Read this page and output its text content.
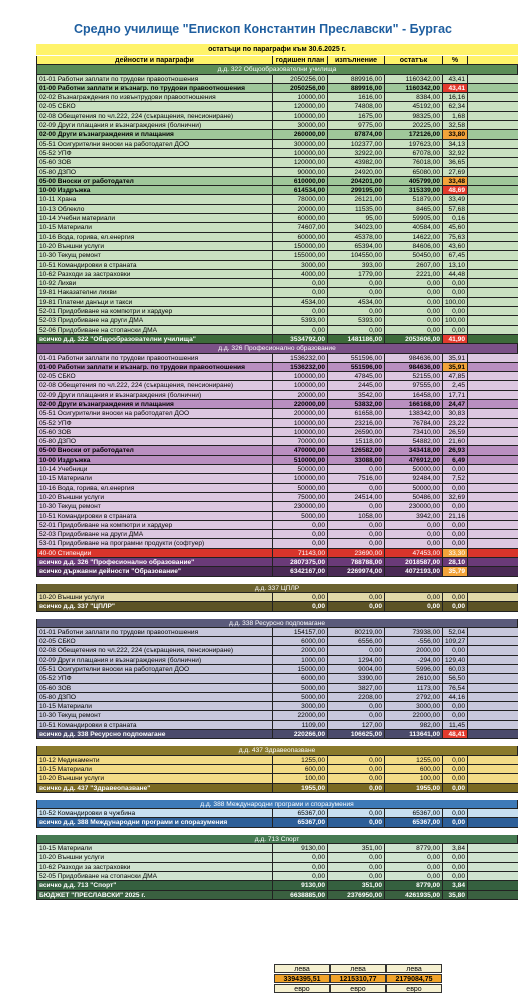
Средно училище "Епископ Константин Преславски" - Бургас
остатъци по параграфи към 30.6.2025 г.
дейности и параграфи	годишен план	изпълнение	остатък	%
д.д. 322 Общообразователни училища
01-01 Работни заплати по трудови правоотношения	2050256,00	889916,00	1160342,00	43,41
01-00 Работни заплати и възнагр. по трудови правоотношения	2050256,00	889916,00	1160342,00	43,41
02-02 Възнаграждения по извънтрудови правоотношения	10000,00	1616,00	8384,00	16,16
02-05 СБКО	120000,00	74808,00	45192,00	62,34
02-08 Обещетения по чл.222, 224 (съкращения, пенсиониране)	100000,00	1675,00	98325,00	1,68
02-09 Други плащания и възнаграждения (болнични)	30000,00	9775,00	20225,00	32,58
02-00 Други възнаграждения и плащания	260000,00	87874,00	172126,00	33,80
05-51 Осигурителни вноски на работодател ДОО	300000,00	102377,00	197623,00	34,13
05-52 УПФ	100000,00	32922,00	67078,00	32,92
05-60 ЗОВ	120000,00	43982,00	76018,00	36,65
05-80 ДЗПО	90000,00	24920,00	65080,00	27,69
05-00 Вноски от работодател	610000,00	204201,00	405799,00	33,48
10-00 Издръжка	614534,00	299195,00	315339,00	48,69
10-11 Храна	78000,00	26121,00	51879,00	33,49
10-13 Облекло	20000,00	11535,00	8465,00	57,68
10-14 Учебни материали	60000,00	95,00	59905,00	0,16
10-15 Материали	74607,00	34023,00	40584,00	45,60
10-16 Вода, горива, ел.енергия	60000,00	45378,00	14622,00	75,63
10-20 Външни услуги	150000,00	65394,00	84606,00	43,60
10-30 Текущ ремонт	155000,00	104550,00	50450,00	67,45
10-51 Командировки в страната	3000,00	393,00	2607,00	13,10
10-62 Разходи за застраховки	4000,00	1779,00	2221,00	44,48
10-92 Лихви	0,00	0,00	0,00	0,00
19-81 Наказателни лихви	0,00	0,00	0,00	0,00
19-81 Платени данъци и такси	4534,00	4534,00	0,00 100,00
52-01 Придобиване на компютри и хардуер	0,00	0,00	0,00	0,00
52-03 Придобиване на други ДМА	5393,00	5393,00	0,00 100,00
52-06 Придобиване на стопански ДМА	0,00	0,00	0,00	0,00
всичко д.д. 322 "Общообразователни училища"	3534792,00	1481186,00	2053606,00	41,90
д.д. 326 Професионално образование
01-01 Работни заплати по трудови правоотношения	1536232,00	551596,00	984636,00	35,91
01-00 Работни заплати и възнагр. по трудови правоотношения	1536232,00	551596,00	984636,00	35,91
02-05 СБКО	100000,00	47845,00	52155,00	47,85
02-08 Обещетения по чл.222, 224 (съкращения, пенсиониране)	100000,00	2445,00	97555,00	2,45
02-09 Други плащания и възнаграждения (болнични)	20000,00	3542,00	16458,00	17,71
02-00 Други възнаграждения и плащания	220000,00	53832,00	166168,00	24,47
05-51 Осигурителни вноски на работодател ДОО	200000,00	61658,00	138342,00	30,83
05-52 УПФ	100000,00	23216,00	76784,00	23,22
05-60 ЗОВ	100000,00	26590,00	73410,00	26,59
05-80 ДЗПО	70000,00	15118,00	54882,00	21,60
05-00 Вноски от работодател	470000,00	126582,00	343418,00	26,93
10-00 Издръжка	510000,00	33088,00	476912,00	6,49
10-14 Учебници	50000,00	0,00	50000,00	0,00
10-15 Материали	100000,00	7516,00	92484,00	7,52
10-16 Вода, горива, ел.енергия	50000,00	0,00	50000,00	0,00
10-20 Външни услуги	75000,00	24514,00	50486,00	32,69
10-30 Текущ ремонт	230000,00	0,00	230000,00	0,00
10-51 Командировки в страната	5000,00	1058,00	3942,00	21,16
52-01 Придобиване на компютри и хардуер	0,00	0,00	0,00	0,00
52-03 Придобиване на други ДМА	0,00	0,00	0,00	0,00
53-01 Придобиване на програмни продукти (софтуер)	0,00	0,00	0,00	0,00
40-00 Стипендии	71143,00	23690,00	47453,00	33,30
всичко д.д. 326 "Професионално образование"	2807375,00	788788,00	2018587,00	28,10
всичко държавни дейности "Образование"	6342167,00	2269974,00	4072193,00	35,79
д.д. 337 ЦПЛР
10-20 Външни услуги	0,00	0,00	0,00	0,00
всичко д.д. 337 "ЦПЛР"	0,00	0,00	0,00	0,00
д.д. 338 Ресурсно подпомагане
01-01 Работни заплати по трудови правоотношения	154157,00	80219,00	73938,00	52,04
02-05 СБКО	6000,00	6556,00	-556,00 109,27
02-08 Обещетения по чл.222, 224 (съкращения, пенсиониране)	2000,00	0,00	2000,00	0,00
02-09 Други плащания и възнаграждения (болнични)	1000,00	1294,00	-294,00 129,40
05-51 Осигурителни вноски на работодател ДОО	15000,00	9004,00	5996,00	60,03
05-52 УПФ	6000,00	3390,00	2610,00	56,50
05-60 ЗОВ	5000,00	3827,00	1173,00	76,54
05-80 ДЗПО	5000,00	2208,00	2792,00	44,16
10-15 Материали	3000,00	0,00	3000,00	0,00
10-30 Текущ ремонт	22000,00	0,00	22000,00	0,00
10-51 Командировки в страната	1109,00	127,00	982,00	11,45
всичко д.д. 338 Ресурсно подпомагане	220266,00	106625,00	113641,00	48,41
д.д. 437 Здравеопазване
10-12 Медикаменти	1255,00	0,00	1255,00	0,00
10-15 Материали	600,00	0,00	600,00	0,00
10-20 Външни услуги	100,00	0,00	100,00	0,00
всичко д.д. 437 "Здравеопазване"	1955,00	0,00	1955,00	0,00
д.д. 388 Международни програми и споразумения
10-52 Командировки в чужбина	65367,00	0,00	65367,00	0,00
всичко д.д. 388 Международни програми и споразумения	65367,00	0,00	65367,00	0,00
д.д. 713 Спорт
10-15 Материали	9130,00	351,00	8779,00	3,84
10-20 Външни услуги	0,00	0,00	0,00	0,00
10-62 Разходи за застраховки	0,00	0,00	0,00	0,00
52-05 Придобиване на стопански ДМА	0,00	0,00	0,00	0,00
всичко д.д. 713 "Спорт"	9130,00	351,00	8779,00	3,84
БЮДЖЕТ "ПРЕСЛАВСКИ" 2025 г.	6638885,00	2376950,00	4261935,00	35,80
лева	лева	лева
3394395,51	1215310,77	2179084,75
евро	евро	евро
